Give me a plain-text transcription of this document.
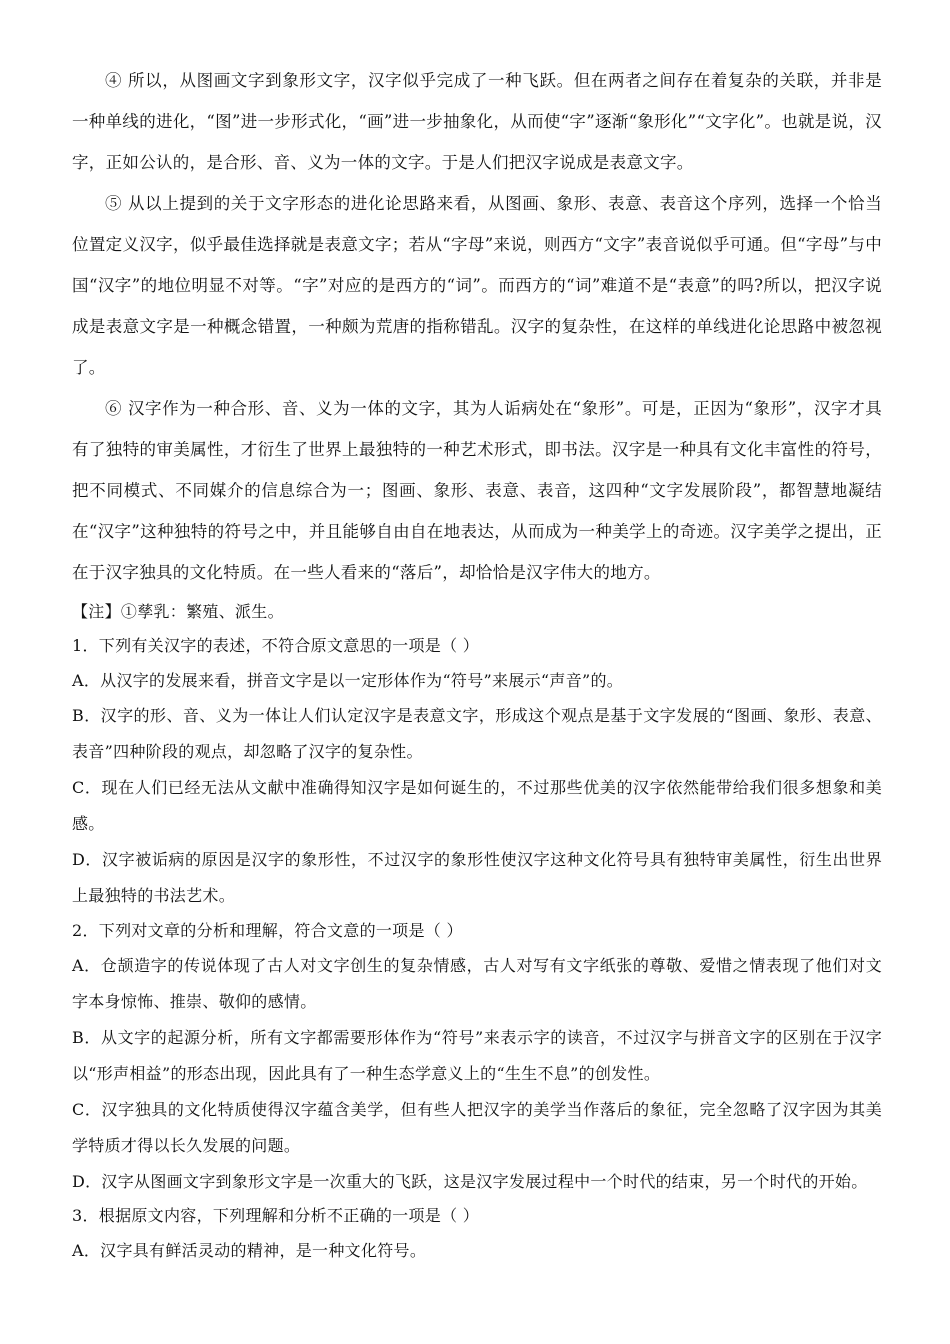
④ 所以，从图画文字到象形文字，汉字似乎完成了一种飞跃。但在两者之间存在着复杂的关联，并非是一种单线的进化，“图”进一步形式化，“画”进一步抽象化，从而使“字”逐渐“象形化”“文字化”。也就是说，汉字，正如公认的，是合形、音、义为一体的文字。于是人们把汉字说成是表意文字。

⑤ 从以上提到的关于文字形态的进化论思路来看，从图画、象形、表意、表音这个序列，选择一个恰当位置定义汉字，似乎最佳选择就是表意文字；若从“字母”来说，则西方“文字”表音说似乎可通。但“字母”与中国“汉字”的地位明显不对等。“字”对应的是西方的“词”。而西方的“词”难道不是“表意”的吗?所以，把汉字说成是表意文字是一种概念错置，一种颇为荒唐的指称错乱。汉字的复杂性，在这样的单线进化论思路中被忽视了。

⑥ 汉字作为一种合形、音、义为一体的文字，其为人诟病处在“象形”。可是，正因为“象形”，汉字才具有了独特的审美属性，才衍生了世界上最独特的一种艺术形式，即书法。汉字是一种具有文化丰富性的符号，把不同模式、不同媒介的信息综合为一；图画、象形、表意、表音，这四种“文字发展阶段”，都智慧地凝结在“汉字”这种独特的符号之中，并且能够自由自在地表达，从而成为一种美学上的奇迹。汉字美学之提出，正在于汉字独具的文化特质。在一些人看来的“落后”，却恰恰是汉字伟大的地方。

【注】①孳乳：繁殖、派生。

1．下列有关汉字的表述，不符合原文意思的一项是（ ）

A．从汉字的发展来看，拼音文字是以一定形体作为“符号”来展示“声音”的。

B．汉字的形、音、义为一体让人们认定汉字是表意文字，形成这个观点是基于文字发展的“图画、象形、表意、表音”四种阶段的观点，却忽略了汉字的复杂性。

C．现在人们已经无法从文献中准确得知汉字是如何诞生的，不过那些优美的汉字依然能带给我们很多想象和美感。

D．汉字被诟病的原因是汉字的象形性，不过汉字的象形性使汉字这种文化符号具有独特审美属性，衍生出世界上最独特的书法艺术。

2．下列对文章的分析和理解，符合文意的一项是（ ）

A．仓颉造字的传说体现了古人对文字创生的复杂情感，古人对写有文字纸张的尊敬、爱惜之情表现了他们对文字本身惊怖、推崇、敬仰的感情。

B．从文字的起源分析，所有文字都需要形体作为“符号”来表示字的读音，不过汉字与拼音文字的区别在于汉字以“形声相益”的形态出现，因此具有了一种生态学意义上的“生生不息”的创发性。

C．汉字独具的文化特质使得汉字蕴含美学，但有些人把汉字的美学当作落后的象征，完全忽略了汉字因为其美学特质才得以长久发展的问题。

D．汉字从图画文字到象形文字是一次重大的飞跃，这是汉字发展过程中一个时代的结束，另一个时代的开始。

3．根据原文内容，下列理解和分析不正确的一项是（ ）

A．汉字具有鲜活灵动的精神，是一种文化符号。
